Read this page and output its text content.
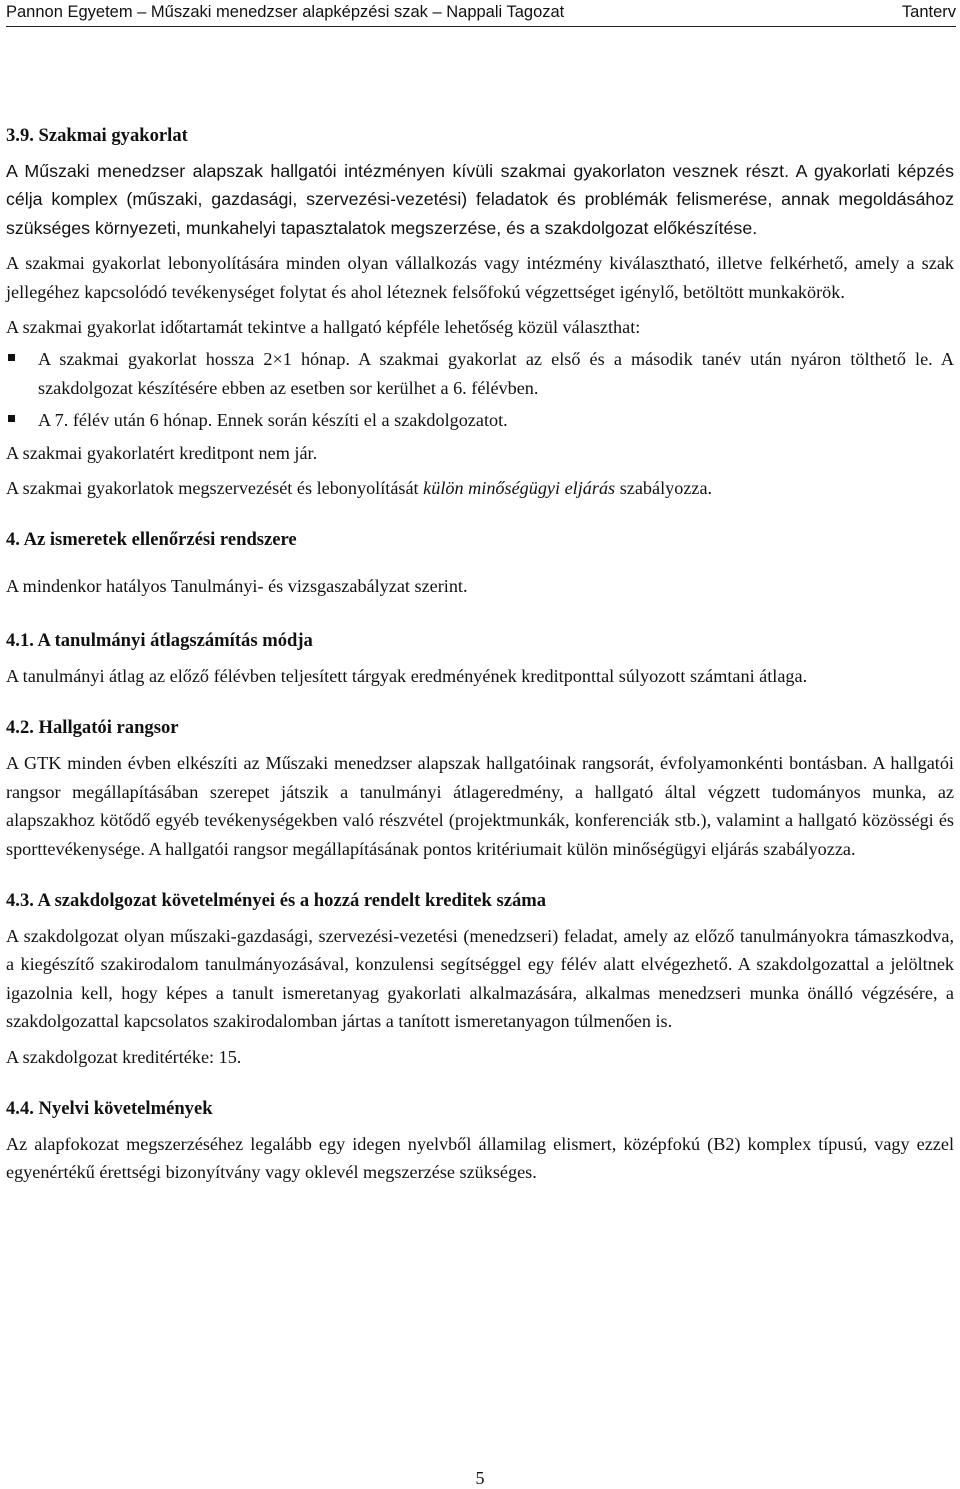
Pannon Egyetem – Műszaki menedzser alapképzési szak – Nappali Tagozat	Tanterv
3.9. Szakmai gyakorlat

A Műszaki menedzser alapszak hallgatói intézményen kívüli szakmai gyakorlaton vesznek részt. A gyakorlati képzés célja komplex (műszaki, gazdasági, szervezési-vezetési) feladatok és problémák felismerése, annak megoldásához szükséges környezeti, munkahelyi tapasztalatok megszerzése, és a szakdolgozat előkészítése.

A szakmai gyakorlat lebonyolítására minden olyan vállalkozás vagy intézmény kiválasztható, illetve felkérhető, amely a szak jellegéhez kapcsolódó tevékenységet folytat és ahol léteznek felsőfokú végzettséget igénylő, betöltött munkakörök.

A szakmai gyakorlat időtartamát tekintve a hallgató képféle lehetőség közül választhat:

A szakmai gyakorlat hossza 2×1 hónap. A szakmai gyakorlat az első és a második tanév után nyáron tölthető le. A szakdolgozat készítésére ebben az esetben sor kerülhet a 6. félévben.
A 7. félév után 6 hónap. Ennek során készíti el a szakdolgozatot.

A szakmai gyakorlatért kreditpont nem jár.

A szakmai gyakorlatok megszervezését és lebonyolítását külön minőségügyi eljárás szabályozza.

4. Az ismeretek ellenőrzési rendszere

A mindenkor hatályos Tanulmányi- és vizsgaszabályzat szerint.

4.1. A tanulmányi átlagszámítás módja

A tanulmányi átlag az előző félévben teljesített tárgyak eredményének kreditponttal súlyozott számtani átlaga.

4.2. Hallgatói rangsor

A GTK minden évben elkészíti az Műszaki menedzser alapszak hallgatóinak rangsorát, évfolyamonkénti bontásban. A hallgatói rangsor megállapításában szerepet játszik a tanulmányi átlageredmény, a hallgató által végzett tudományos munka, az alapszakhoz kötődő egyéb tevékenységekben való részvétel (projektmunkák, konferenciák stb.), valamint a hallgató közösségi és sporttevékenysége. A hallgatói rangsor megállapításának pontos kritériumait külön minőségügyi eljárás szabályozza.

4.3. A szakdolgozat követelményei és a hozzá rendelt kreditek száma

A szakdolgozat olyan műszaki-gazdasági, szervezési-vezetési (menedzseri) feladat, amely az előző tanulmányokra támaszkodva, a kiegészítő szakirodalom tanulmányozásával, konzulensi segítséggel egy félév alatt elvégezhető. A szakdolgozattal a jelöltnek igazolnia kell, hogy képes a tanult ismeretanyag gyakorlati alkalmazására, alkalmas menedzseri munka önálló végzésére, a szakdolgozattal kapcsolatos szakirodalomban jártas a tanított ismeretanyagon túlmenően is.

A szakdolgozat kreditértéke: 15.

4.4. Nyelvi követelmények

Az alapfokozat megszerzéséhez legalább egy idegen nyelvből államilag elismert, középfokú (B2) komplex típusú, vagy ezzel egyenértékű érettségi bizonyítvány vagy oklevél megszerzése szükséges.

5
